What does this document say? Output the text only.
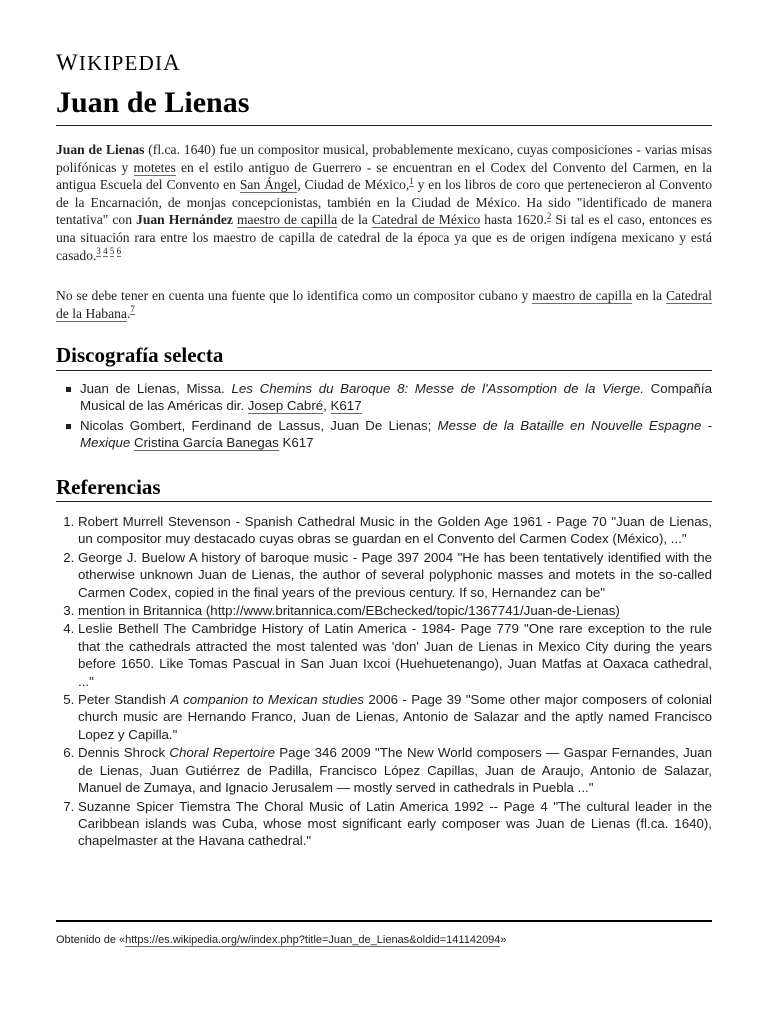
WIKIPEDIA
Juan de Lienas

Juan de Lienas (fl.ca. 1640) fue un compositor musical, probablemente mexicano, cuyas composiciones - varias misas polifónicas y motetes en el estilo antiguo de Guerrero - se encuentran en el Codex del Convento del Carmen, en la antigua Escuela del Convento en San Ángel, Ciudad de México,$^1$ y en los libros de coro que pertenecieron al Convento de la Encarnación, de monjas concepcionistas, también en la Ciudad de México. Ha sido "identificado de manera tentativa" con Juan Hernández maestro de capilla de la Catedral de México hasta 1620.$^2$ Si tal es el caso, entonces es una situación rara entre los maestro de capilla de catedral de la época ya que es de origen indígena mexicano y está casado.$^{3 4 5 6}$

No se debe tener en cuenta una fuente que lo identifica como un compositor cubano y maestro de capilla en la Catedral de la Habana.$^7$

Discografía selecta
Juan de Lienas, Missa. Les Chemins du Baroque 8: Messe de l'Assomption de la Vierge. Compañía Musical de las Américas dir. Josep Cabré, K617
Nicolas Gombert, Ferdinand de Lassus, Juan De Lienas; Messe de la Bataille en Nouvelle Espagne - Mexique Cristina García Banegas K617
Referencias
1. Robert Murrell Stevenson - Spanish Cathedral Music in the Golden Age 1961 - Page 70 "Juan de Lienas, un compositor muy destacado cuyas obras se guardan en el Convento del Carmen Codex (México), ..."
2. George J. Buelow A history of baroque music - Page 397 2004 "He has been tentatively identified with the otherwise unknown Juan de Lienas, the author of several polyphonic masses and motets in the so-called Carmen Codex, copied in the final years of the previous century. If so, Hernandez can be"
3. mention in Britannica (http://www.britannica.com/EBchecked/topic/1367741/Juan-de-Lienas)
4. Leslie Bethell The Cambridge History of Latin America - 1984- Page 779 "One rare exception to the rule that the cathedrals attracted the most talented was 'don' Juan de Lienas in Mexico City during the years before 1650. Like Tomas Pascual in San Juan Ixcoi (Huehuetenango), Juan Matfas at Oaxaca cathedral, ..."
5. Peter Standish A companion to Mexican studies 2006 - Page 39 "Some other major composers of colonial church music are Hernando Franco, Juan de Lienas, Antonio de Salazar and the aptly named Francisco Lopez y Capilla."
6. Dennis Shrock Choral Repertoire Page 346 2009 "The New World composers — Gaspar Fernandes, Juan de Lienas, Juan Gutiérrez de Padilla, Francisco López Capillas, Juan de Araujo, Antonio de Salazar, Manuel de Zumaya, and Ignacio Jerusalem — mostly served in cathedrals in Puebla ..."
7. Suzanne Spicer Tiemstra The Choral Music of Latin America 1992 -- Page 4 "The cultural leader in the Caribbean islands was Cuba, whose most significant early composer was Juan de Lienas (fl.ca. 1640), chapelmaster at the Havana cathedral."
Obtenido de «https://es.wikipedia.org/w/index.php?title=Juan_de_Lienas&oldid=141142094»
